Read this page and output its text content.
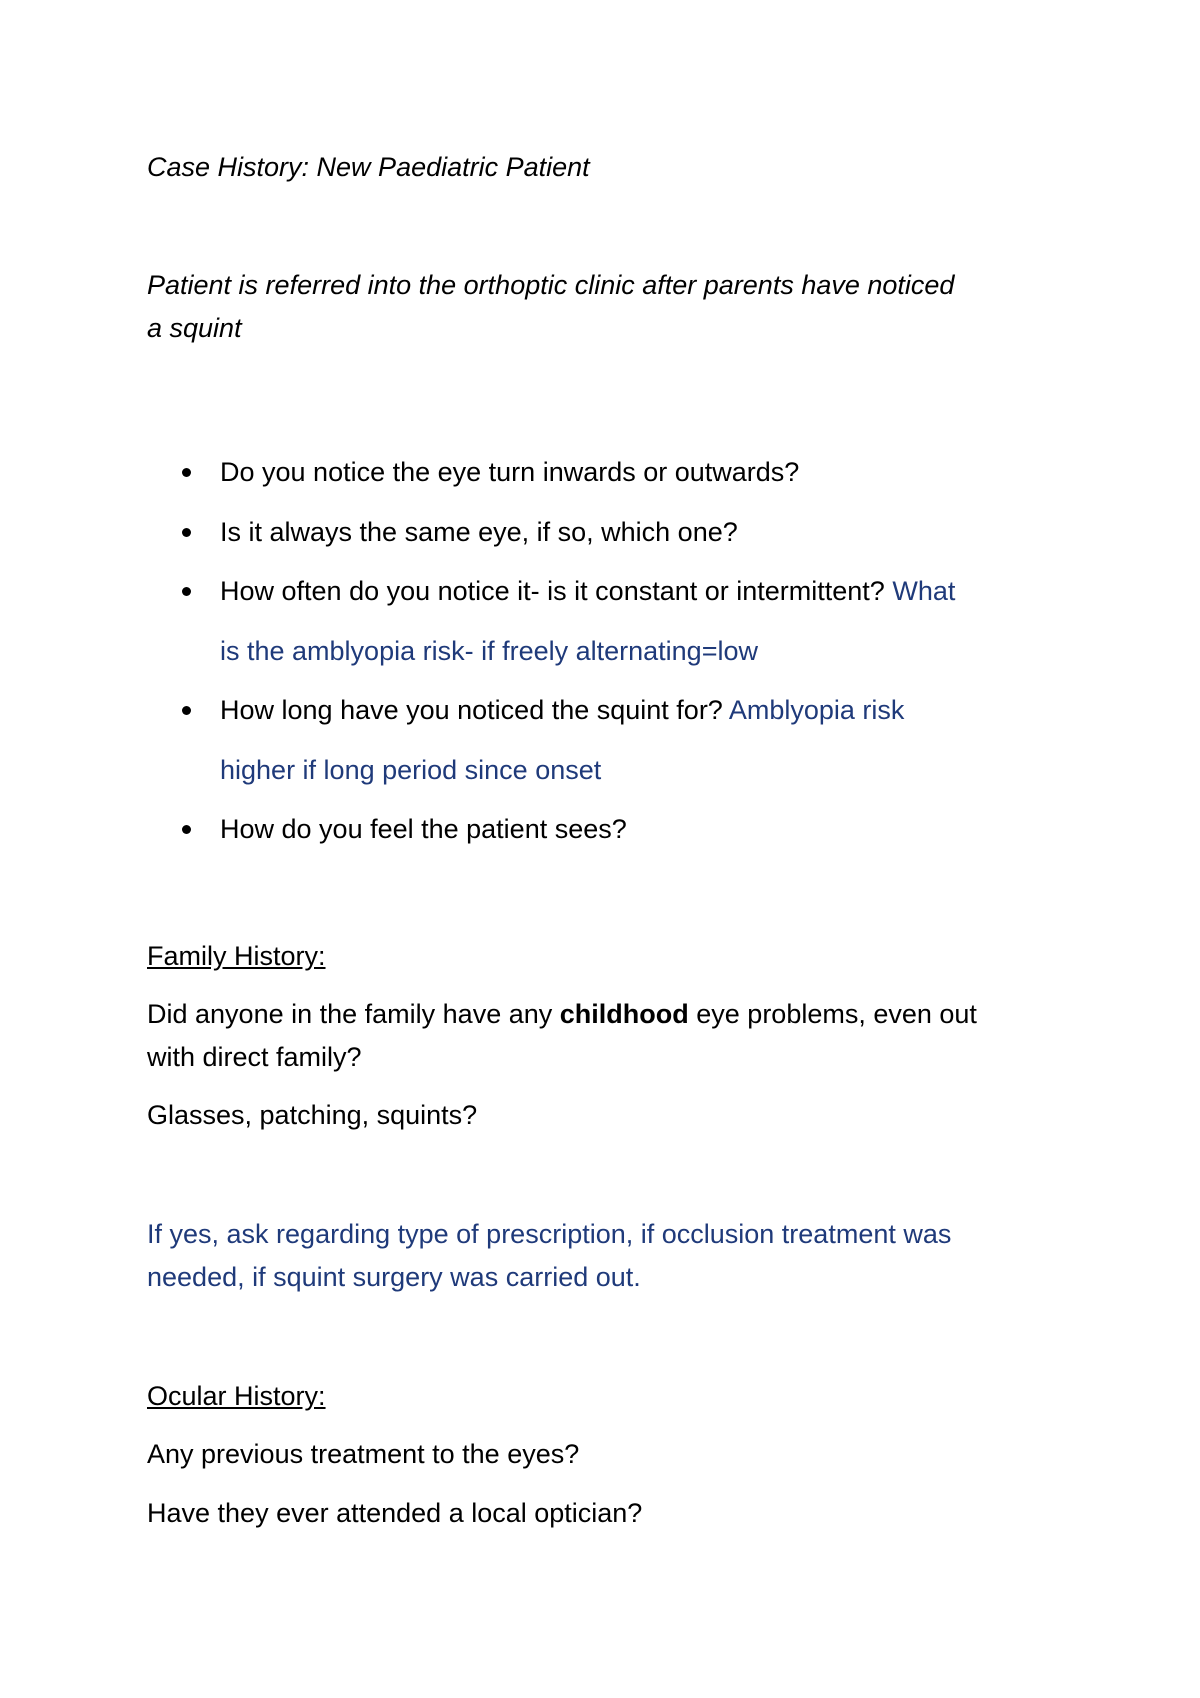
Case History: New Paediatric Patient

Patient is referred into the orthoptic clinic after parents have noticed

a squint

Do you notice the eye turn inwards or outwards?
Is it always the same eye, if so, which one?
How often do you notice it- is it constant or intermittent? What
is the amblyopia risk- if freely alternating=low
How long have you noticed the squint for? Amblyopia risk
higher if long period since onset
How do you feel the patient sees?

Family History:

Did anyone in the family have any childhood eye problems, even out

with direct family?

Glasses, patching, squints?

If yes, ask regarding type of prescription, if occlusion treatment was

needed, if squint surgery was carried out.

Ocular History:

Any previous treatment to the eyes?

Have they ever attended a local optician?
